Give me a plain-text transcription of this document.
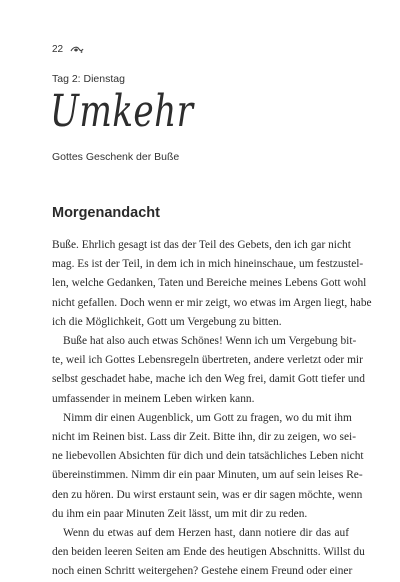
22
Tag 2: Dienstag
Umkehr
Gottes Geschenk der Buße
Morgenandacht

Buße. Ehrlich gesagt ist das der Teil des Gebets, den ich gar nicht
mag. Es ist der Teil, in dem ich in mich hineinschaue, um festzustel-
len, welche Gedanken, Taten und Bereiche meines Lebens Gott wohl
nicht gefallen. Doch wenn er mir zeigt, wo etwas im Argen liegt, habe
ich die Möglichkeit, Gott um Vergebung zu bitten.

Buße hat also auch etwas Schönes! Wenn ich um Vergebung bit-
te, weil ich Gottes Lebensregeln übertreten, andere verletzt oder mir
selbst geschadet habe, mache ich den Weg frei, damit Gott tiefer und
umfassender in meinem Leben wirken kann.

Nimm dir einen Augenblick, um Gott zu fragen, wo du mit ihm
nicht im Reinen bist. Lass dir Zeit. Bitte ihn, dir zu zeigen, wo sei-
ne liebevollen Absichten für dich und dein tatsächliches Leben nicht
übereinstimmen. Nimm dir ein paar Minuten, um auf sein leises Re-
den zu hören. Du wirst erstaunt sein, was er dir sagen möchte, wenn
du ihm ein paar Minuten Zeit lässt, um mit dir zu reden.

Wenn du etwas auf dem Herzen hast, dann notiere dir das auf
den beiden leeren Seiten am Ende des heutigen Abschnitts. Willst du
noch einen Schritt weitergehen? Gestehe einem Freund oder einer
